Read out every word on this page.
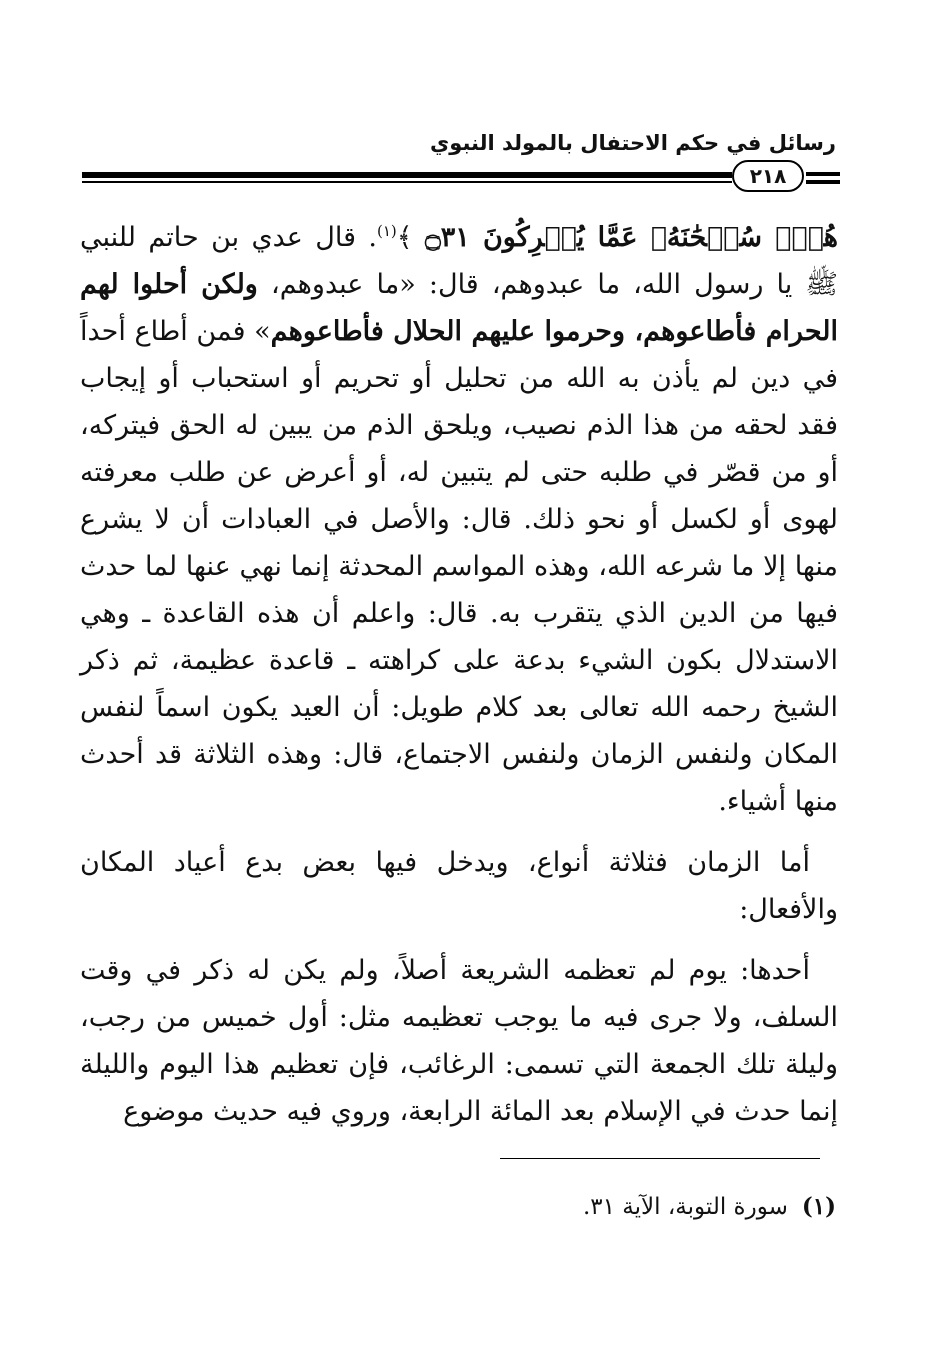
رسائل في حكم الاحتفال بالمولد النبوي
٢١٨

هُوَۚ سُبۡحَٰنَهُۥ عَمَّا يُشۡرِكُونَ ۝٣١ ﴾$^{(١)}$. قال عدي بن حاتم للنبي ﷺ يا رسول الله، ما عبدوهم، قال: «ما عبدوهم، ولكن أحلوا لهم الحرام فأطاعوهم، وحرموا عليهم الحلال فأطاعوهم» فمن أطاع أحداً في دين لم يأذن به الله من تحليل أو تحريم أو استحباب أو إيجاب فقد لحقه من هذا الذم نصيب، ويلحق الذم من يبين له الحق فيتركه، أو من قصّر في طلبه حتى لم يتبين له، أو أعرض عن طلب معرفته لهوى أو لكسل أو نحو ذلك. قال: والأصل في العبادات أن لا يشرع منها إلا ما شرعه الله، وهذه المواسم المحدثة إنما نهي عنها لما حدث فيها من الدين الذي يتقرب به. قال: واعلم أن هذه القاعدة ـ وهي الاستدلال بكون الشيء بدعة على كراهته ـ قاعدة عظيمة، ثم ذكر الشيخ رحمه الله تعالى بعد كلام طويل: أن العيد يكون اسماً لنفس المكان ولنفس الزمان ولنفس الاجتماع، قال: وهذه الثلاثة قد أحدث منها أشياء.

أما الزمان فثلاثة أنواع، ويدخل فيها بعض بدع أعياد المكان والأفعال:

أحدها: يوم لم تعظمه الشريعة أصلاً، ولم يكن له ذكر في وقت السلف، ولا جرى فيه ما يوجب تعظيمه مثل: أول خميس من رجب، وليلة تلك الجمعة التي تسمى: الرغائب، فإن تعظيم هذا اليوم والليلة إنما حدث في الإسلام بعد المائة الرابعة، وروي فيه حديث موضوع

(١)سورة التوبة، الآية ٣١.
